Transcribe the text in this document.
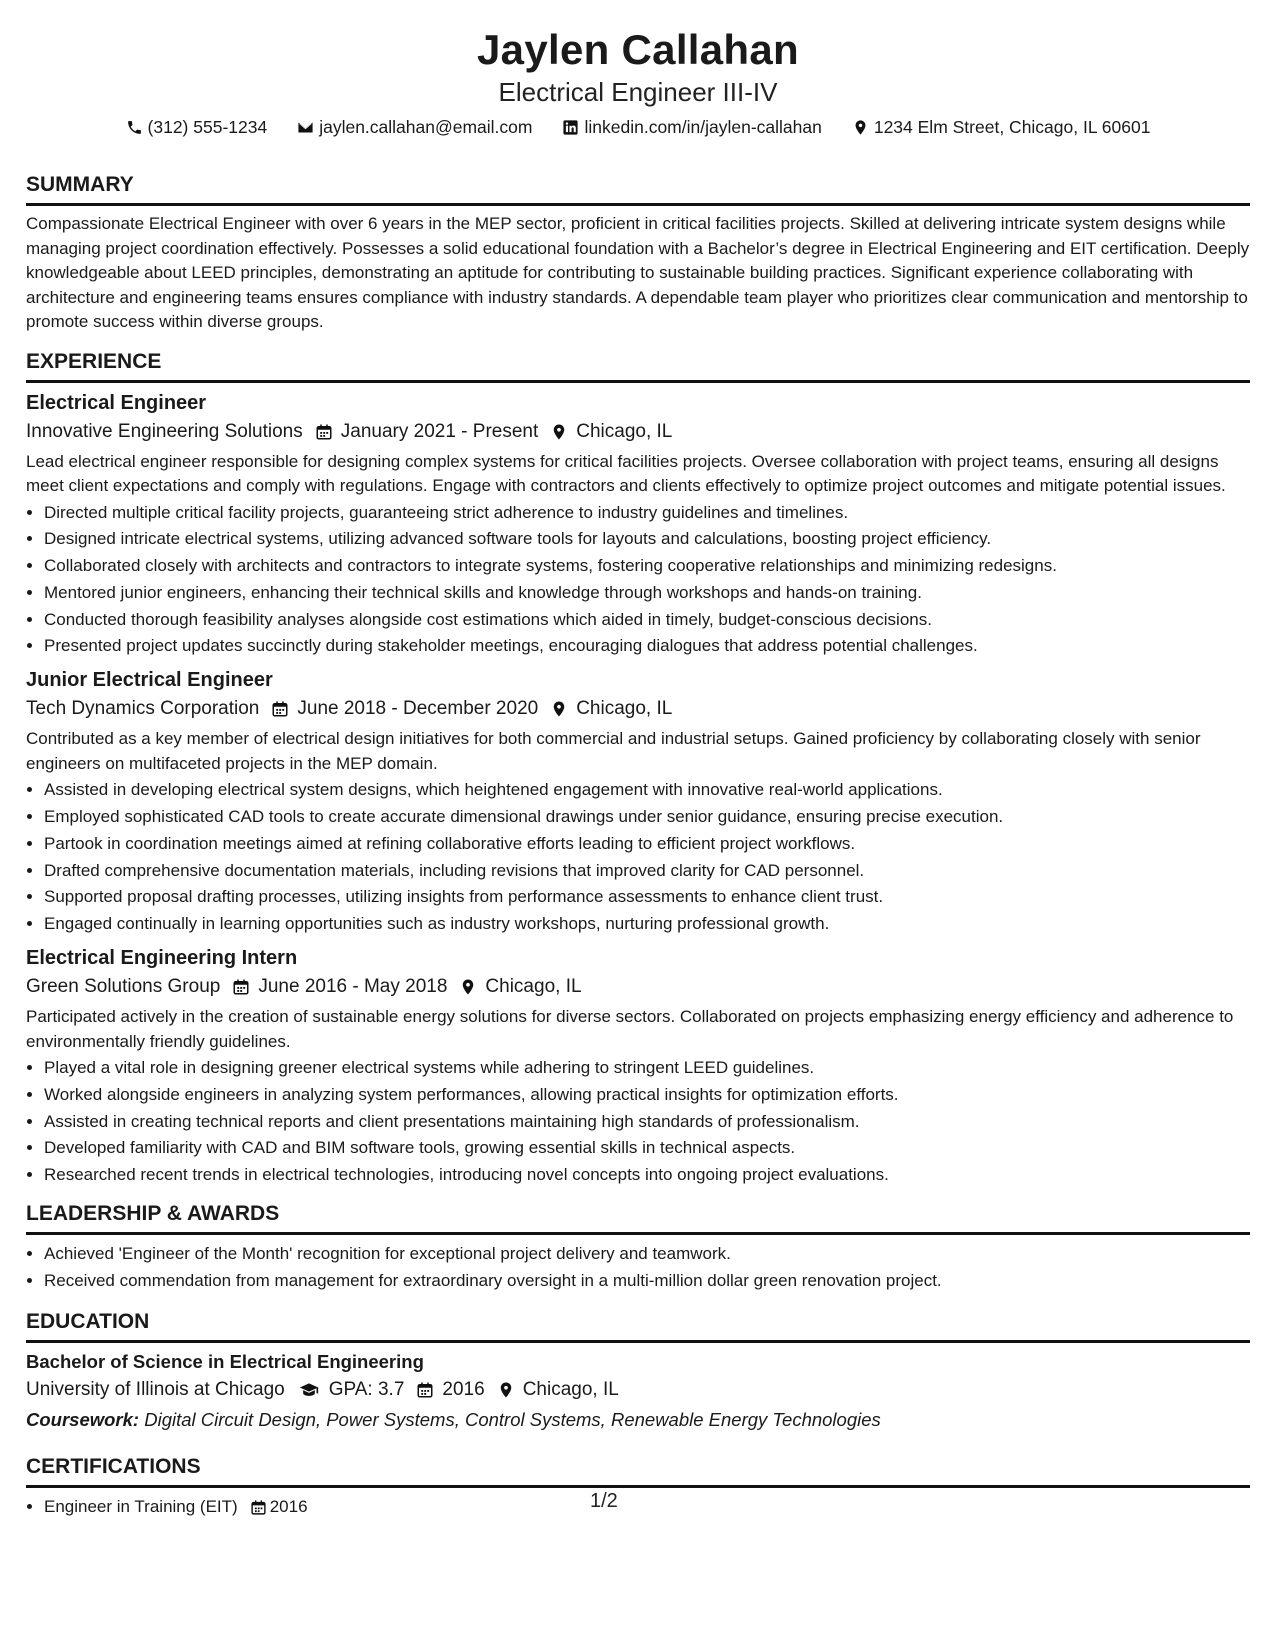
Jaylen Callahan
Electrical Engineer III-IV
(312) 555-1234	jaylen.callahan@email.com	linkedin.com/in/jaylen-callahan	1234 Elm Street, Chicago, IL 60601
SUMMARY

Compassionate Electrical Engineer with over 6 years in the MEP sector, proficient in critical facilities projects. Skilled at delivering intricate system designs while managing project coordination effectively. Possesses a solid educational foundation with a Bachelor’s degree in Electrical Engineering and EIT certification. Deeply knowledgeable about LEED principles, demonstrating an aptitude for contributing to sustainable building practices. Significant experience collaborating with architecture and engineering teams ensures compliance with industry standards. A dependable team player who prioritizes clear communication and mentorship to promote success within diverse groups.

EXPERIENCE
Electrical Engineer
Innovative Engineering Solutions January 2021 - Present Chicago, IL

Lead electrical engineer responsible for designing complex systems for critical facilities projects. Oversee collaboration with project teams, ensuring all designs meet client expectations and comply with regulations. Engage with contractors and clients effectively to optimize project outcomes and mitigate potential issues.

• Directed multiple critical facility projects, guaranteeing strict adherence to industry guidelines and timelines.
• Designed intricate electrical systems, utilizing advanced software tools for layouts and calculations, boosting project efficiency.
• Collaborated closely with architects and contractors to integrate systems, fostering cooperative relationships and minimizing redesigns.
• Mentored junior engineers, enhancing their technical skills and knowledge through workshops and hands-on training.
• Conducted thorough feasibility analyses alongside cost estimations which aided in timely, budget-conscious decisions.
• Presented project updates succinctly during stakeholder meetings, encouraging dialogues that address potential challenges.
Junior Electrical Engineer
Tech Dynamics Corporation June 2018 - December 2020 Chicago, IL

Contributed as a key member of electrical design initiatives for both commercial and industrial setups. Gained proficiency by collaborating closely with senior engineers on multifaceted projects in the MEP domain.

• Assisted in developing electrical system designs, which heightened engagement with innovative real-world applications.
• Employed sophisticated CAD tools to create accurate dimensional drawings under senior guidance, ensuring precise execution.
• Partook in coordination meetings aimed at refining collaborative efforts leading to efficient project workflows.
• Drafted comprehensive documentation materials, including revisions that improved clarity for CAD personnel.
• Supported proposal drafting processes, utilizing insights from performance assessments to enhance client trust.
• Engaged continually in learning opportunities such as industry workshops, nurturing professional growth.
Electrical Engineering Intern
Green Solutions Group June 2016 - May 2018 Chicago, IL

Participated actively in the creation of sustainable energy solutions for diverse sectors. Collaborated on projects emphasizing energy efficiency and adherence to environmentally friendly guidelines.

• Played a vital role in designing greener electrical systems while adhering to stringent LEED guidelines.
• Worked alongside engineers in analyzing system performances, allowing practical insights for optimization efforts.
• Assisted in creating technical reports and client presentations maintaining high standards of professionalism.
• Developed familiarity with CAD and BIM software tools, growing essential skills in technical aspects.
• Researched recent trends in electrical technologies, introducing novel concepts into ongoing project evaluations.
LEADERSHIP & AWARDS
• Achieved 'Engineer of the Month' recognition for exceptional project delivery and teamwork.
• Received commendation from management for extraordinary oversight in a multi-million dollar green renovation project.
EDUCATION
Bachelor of Science in Electrical Engineering
University of Illinois at Chicago GPA: 3.7 2016 Chicago, IL
Coursework: Digital Circuit Design, Power Systems, Control Systems, Renewable Energy Technologies
CERTIFICATIONS
• Engineer in Training (EIT) 2016	1/2
